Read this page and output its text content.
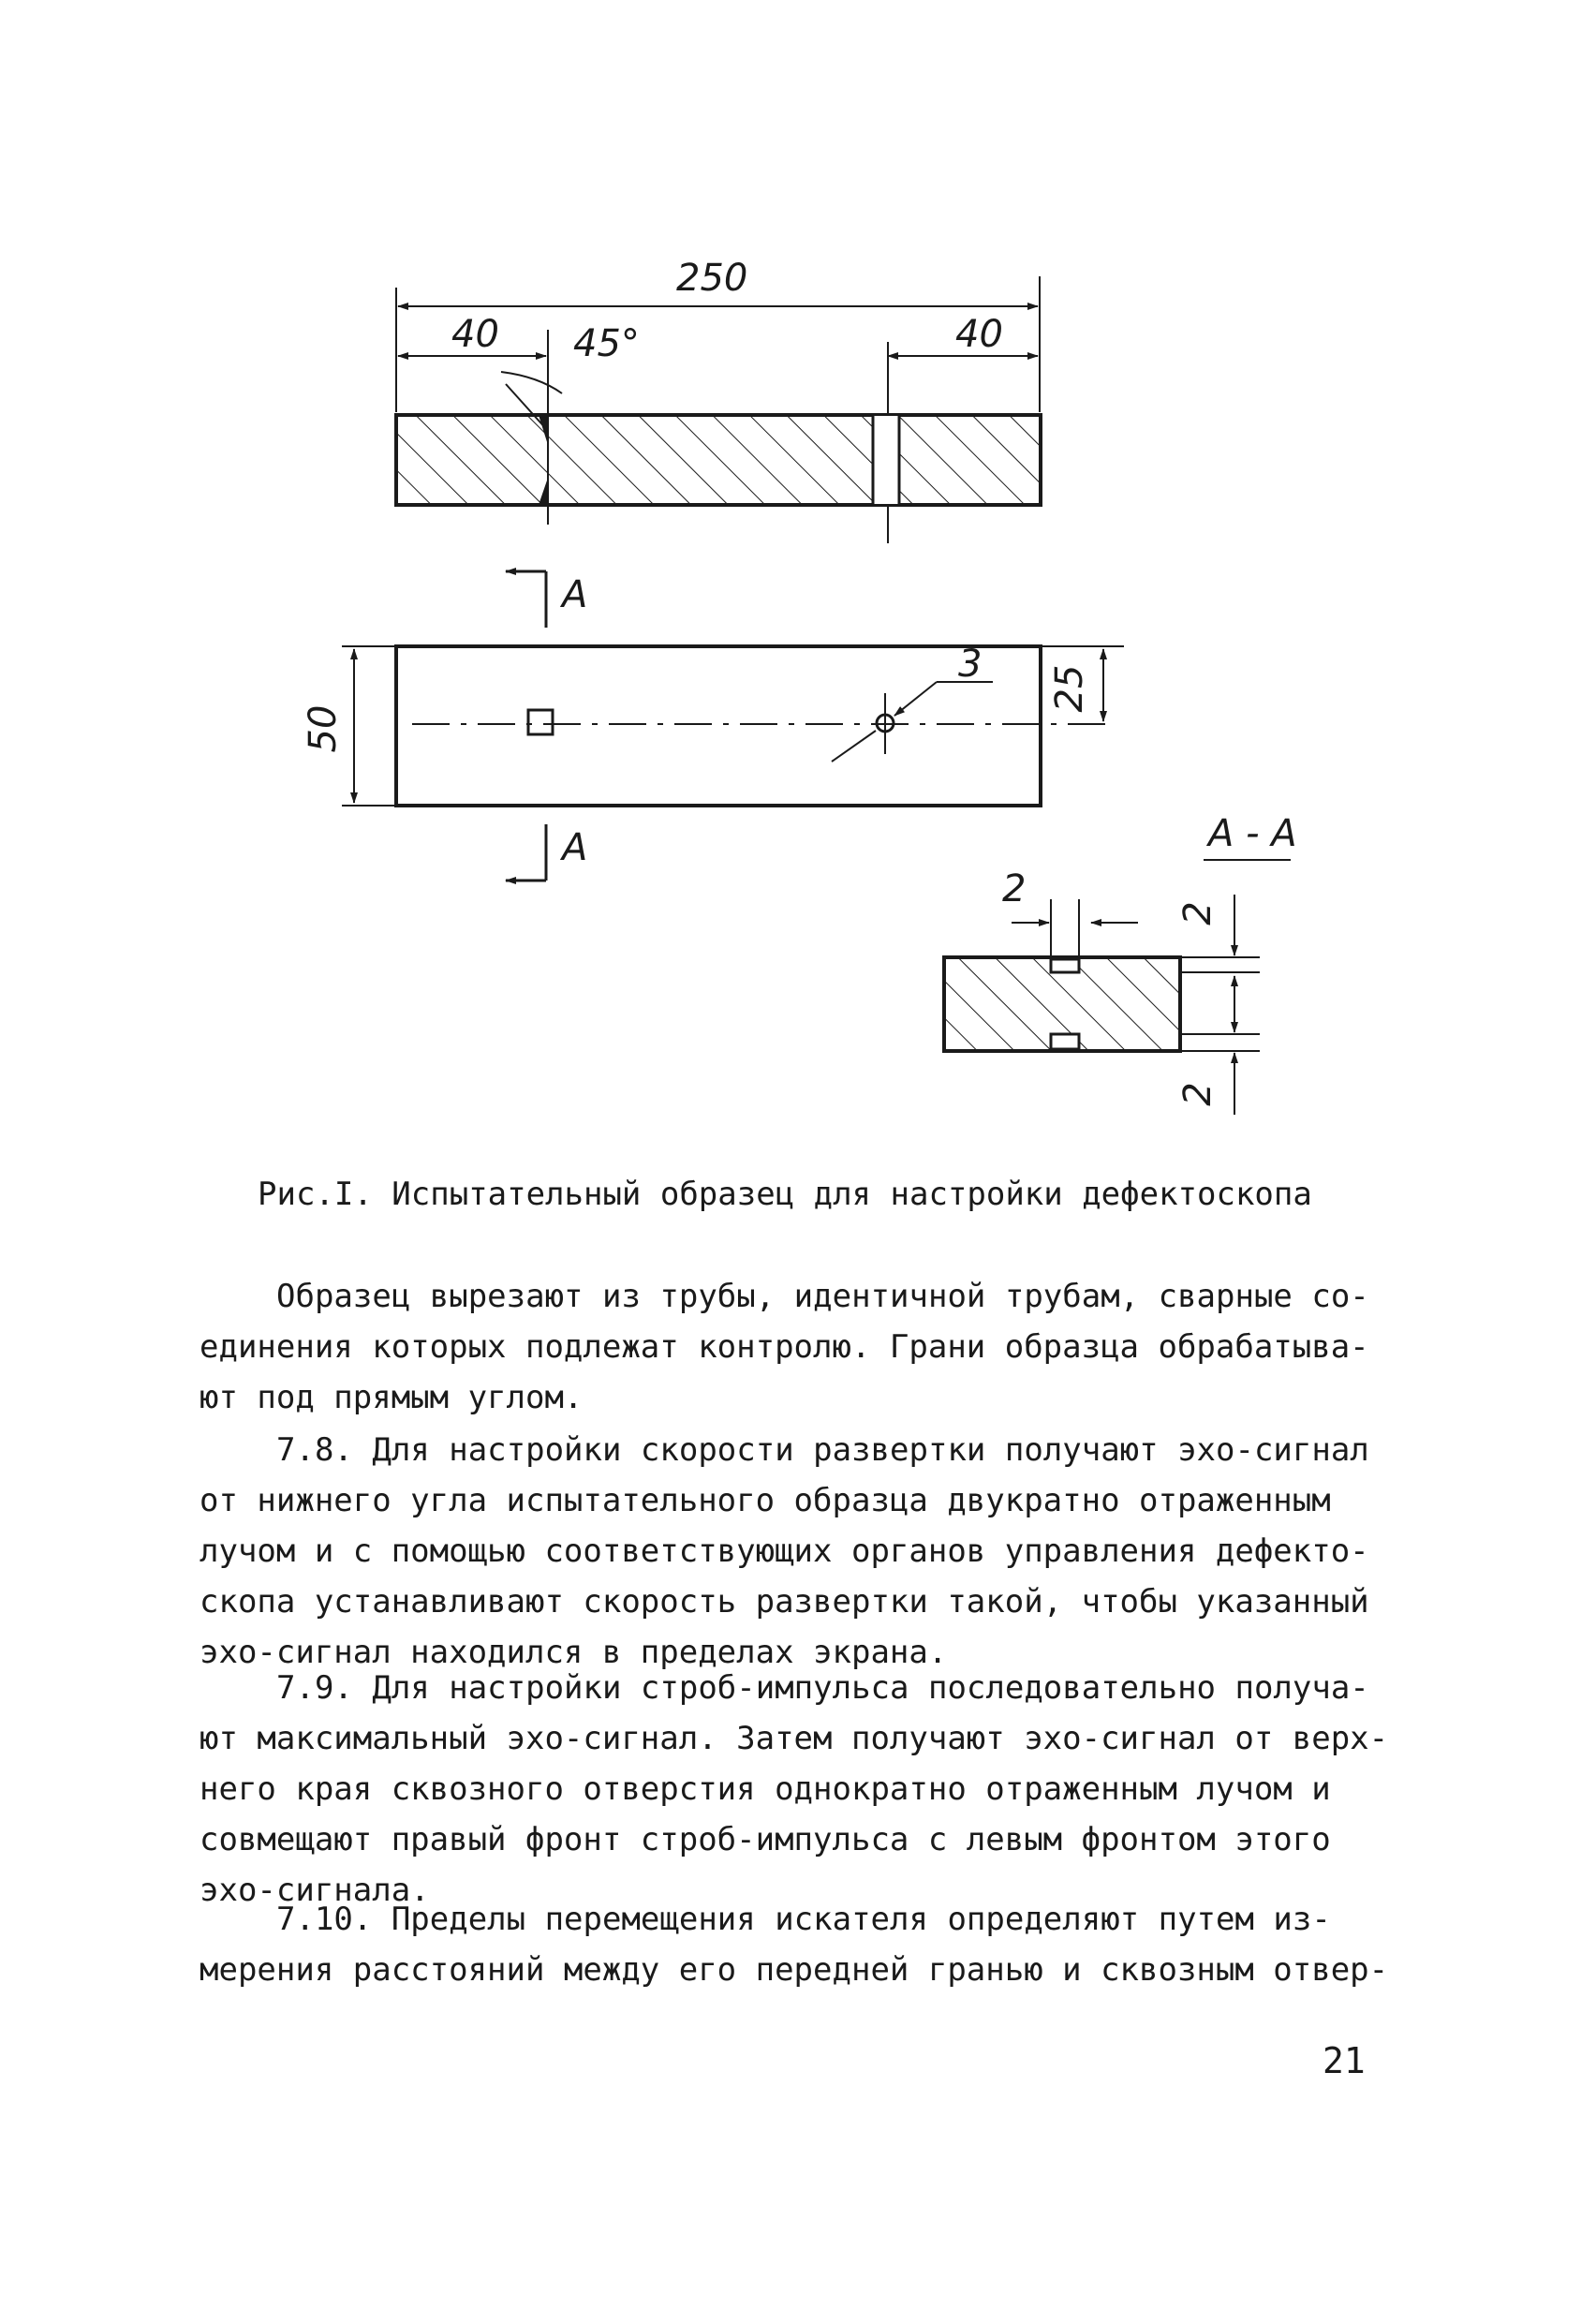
250
40 45°	40
A
3
50
25
A	A - A
2
2
2
Рис.I. Испытательный образец для настройки дефектоскопа
Образец вырезают из трубы, идентичной трубам, сварные со-
единения которых подлежат контролю. Грани образца обрабатыва-
ют под прямым углом.
7.8. Для настройки скорости развертки получают эхо-сигнал
от нижнего угла испытательного образца двукратно отраженным
лучом и с помощью соответствующих органов управления дефекто-
скопа устанавливают скорость развертки такой, чтобы указанный
эхо-сигнал находился в пределах экрана.
7.9. Для настройки строб-импульса последовательно получа-
ют максимальный эхо-сигнал. Затем получают эхо-сигнал от верх-
него края сквозного отверстия однократно отраженным лучом и
совмещают правый фронт строб-импульса с левым фронтом этого
эхо-сигнала.
7.10. Пределы перемещения искателя определяют путем из-
мерения расстояний между его передней гранью и сквозным отвер-
21
